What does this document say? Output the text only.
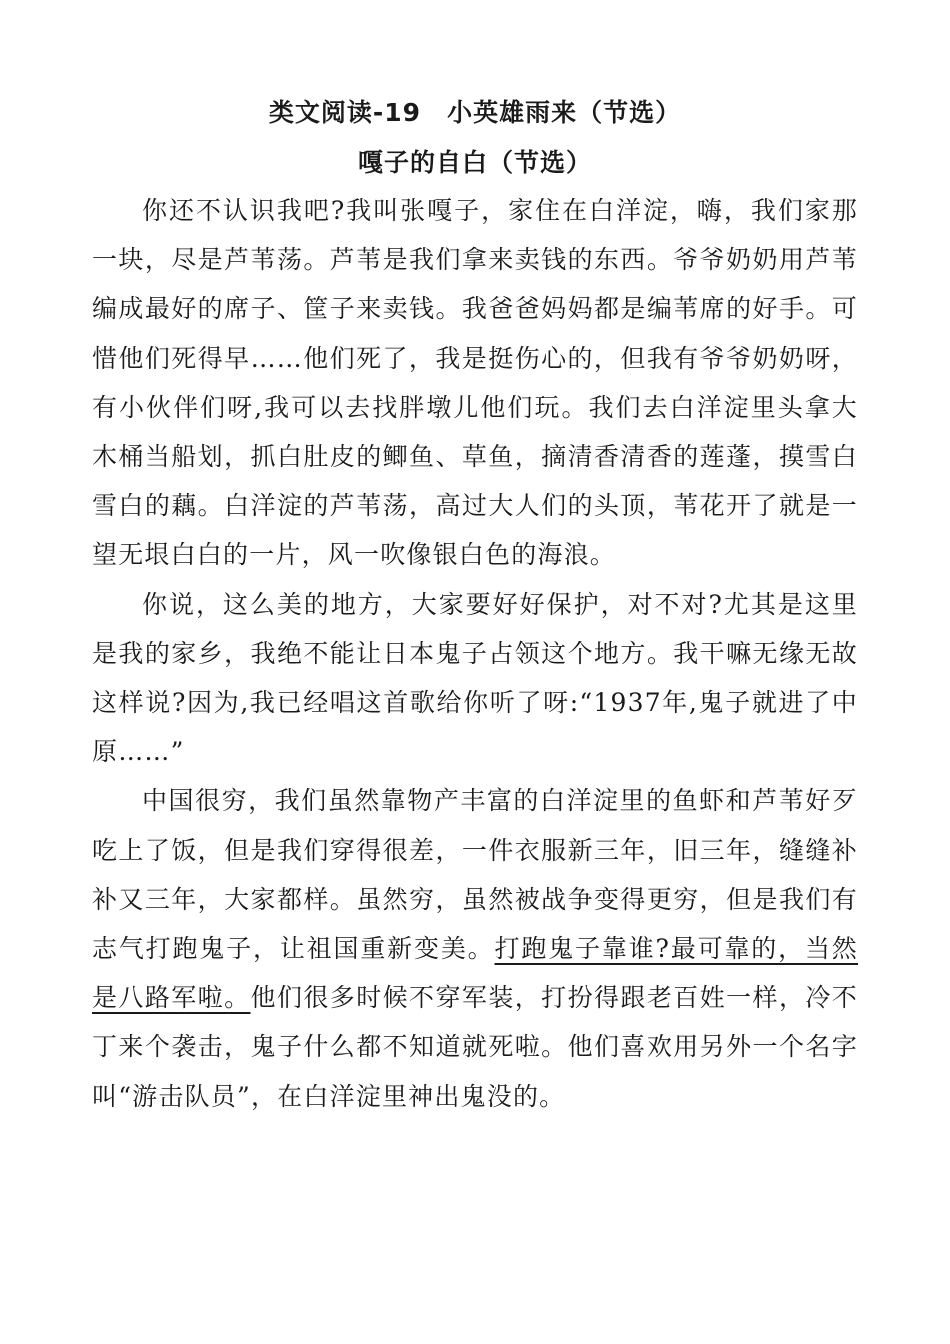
类文阅读-19　小英雄雨来（节选）
嘎子的自白（节选）

你还不认识我吧?我叫张嘎子，家住在白洋淀，嗨，我们家那一块，尽是芦苇荡。芦苇是我们拿来卖钱的东西。爷爷奶奶用芦苇编成最好的席子、筐子来卖钱。我爸爸妈妈都是编苇席的好手。可惜他们死得早……他们死了，我是挺伤心的，但我有爷爷奶奶呀，有小伙伴们呀,我可以去找胖墩儿他们玩。我们去白洋淀里头拿大木桶当船划，抓白肚皮的鲫鱼、草鱼，摘清香清香的莲蓬，摸雪白雪白的藕。白洋淀的芦苇荡，高过大人们的头顶，苇花开了就是一望无垠白白的一片，风一吹像银白色的海浪。

你说，这么美的地方，大家要好好保护，对不对?尤其是这里是我的家乡，我绝不能让日本鬼子占领这个地方。我干嘛无缘无故这样说?因为,我已经唱这首歌给你听了呀:“1937年,鬼子就进了中原……”

中国很穷，我们虽然靠物产丰富的白洋淀里的鱼虾和芦苇好歹吃上了饭，但是我们穿得很差，一件衣服新三年，旧三年，缝缝补补又三年，大家都样。虽然穷，虽然被战争变得更穷，但是我们有志气打跑鬼子，让祖国重新变美。打跑鬼子靠谁?最可靠的，当然是八路军啦。他们很多时候不穿军装，打扮得跟老百姓一样，冷不丁来个袭击，鬼子什么都不知道就死啦。他们喜欢用另外一个名字叫“游击队员”，在白洋淀里神出鬼没的。
